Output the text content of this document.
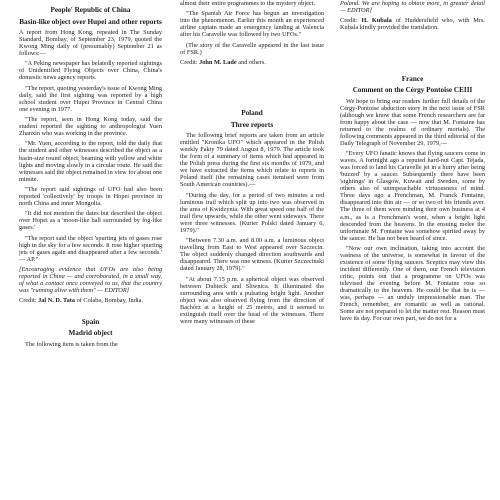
People' Republic of China
Basin-like object over Hupei and other reports

A report from Hong Kong, repeated in The Sunday Standard, Bombay, of September 23, 1979, quoted the Kwong Ming daily of (presumably) September 21 as follows:—

"A Peking newspaper has belatedly reported sightings of Unidentified Flying Objects over China, China's domestic news agency reports.

"The report, quoting yesterday's issue of Kwong Ming daily, said the first sighting was reported by a high school student over Hupei Province in Central China one evening in 1977.

"The report, seen in Hong Kong today, said the student reported the sighting to anthropologist Yuen Zhanxin who was working in the province.

"Mr. Yuen, according to the report, told the daily that the student and other witnesses described the object as a basin-size round object, beaming with yellow and white lights and moving slowly in a circular route. He said the witnesses said the object remained in view for about one minute.

"The report said sightings of UFO had also been reported 'collectively' by troops in Hopei province in north China and inner Mongolia.

"It did not mention the dates but described the object over Hopei as a 'moon-like ball surrounded by fog-like gases.'

"The report said the object 'spurting jets of gases rose high in the sky for a few seconds. It rose higher spurting jets of gases again and disappeared after a few seconds.' — AP."

[Encouraging evidence that UFOs are also being reported in China — and corroborated, in a small way, of what a contact once conveyed to us, that the country was "running alive with them" — EDITOR]

Credit: Jal N. D. Tata of Colaba, Bombay, India.

Spain
Madrid object

The following item is taken from the

almost their entire programmes to the mystery object.

"The Spanish Air Force has begun an investigation into the phenomenon. Earlier this month an experienced airline captain made an emergency landing at Valencia after his Caravelle was followed by two UFOs."

(The story of the Caravelle appeared in the last issue of FSR.)

Credit: John M. Lade and others.

Poland
Three reports

The following brief reports are taken from an article entitled "Kronika UFO" which appeared in the Polish weekly Fakty 79 dated August 8, 1979. The article took the form of a summary of items which had appeared in the Polish press during the first six months of 1979, and we have extracted the items which relate to reports in Poland itself (the remaining cases itemised were from South American countries).—

"During the day, for a period of two minutes a red luminous trail which split up into two was observed in the area of Kwidzynia. With great speed one half of the trail flew upwards, while the other went sideways. There were three witnesses. (Kurier Polski dated January 6, 1979)."

"Between 7.30 a.m. and 8.00 a.m. a luminous object travelling from East to West appeared over Szczecin. The object suddenly changed direction southwards and disappeared. There was one witness. (Kurier Szczecinski dated January 28, 1979)."

"At about 7.15 p.m. a spherical object was observed between Dubieck and Sliwnica. It illuminated the surrounding area with a pulsating bright light. Another object was also observed flying from the direction of Bachórz at a height of 25 metres, and it seemed to extinguish itself over the head of the witnesses. There were many witnesses of these

Poland. We are hoping to obtain more, in greater detail — EDITOR]

Credit: H. Kubala of Huddersfield who, with Mrs. Kubala kindly provided the translation.

France
Comment on the Cérgy Pontoise CEIII

We hope to bring our readers further full details of the Cérgy-Pontoise abduction story in the next issue of FSR (although we know that some French researchers are far from happy about the case — now that M. Fontaine has returned to the realms of ordinary mortals). The following comments appeared in the third editorial of the Daily Telegraph of November 29, 1979,—

"Every UFO fanatic knows that flying saucers come in waves. A fortnight ago a reputed hard-nut Capt. Tejada, was forced to land his Caravelle jet in a hurry after being 'buzzed' by a saucer. Subsequently there have been 'sightings' in Glasgow, Kuwait and Sweden, some by others also of unimpeachable virtuousness of mind. Three days ago a Frenchman, M. Franck Fontaine, disappeared into thin air — or so two of his friends aver. The three of them were minding their own business at 4 a.m., as is a Frenchman's wont, when a bright light descended from the heavens. In the ensuing melee the unfortunate M. Fontaine was somehow spirited away by the saucer. He has not been heard of since.

"Now our own inclination, taking into account the vastness of the universe, is somewhat in favour of the existence of some flying saucers. Sceptics may view this incident differently. One of them, our French television critic, points out that a programme on UFOs was televised the evening before M. Fontaine rose so dramatically to the heavens. He could be that he is — was, perhaps — an unduly impressionable man. The French, remember, are romantic as well as rational. Some are not prepared to let the matter rest. Reason must have its day. For our own part, we do not for a
